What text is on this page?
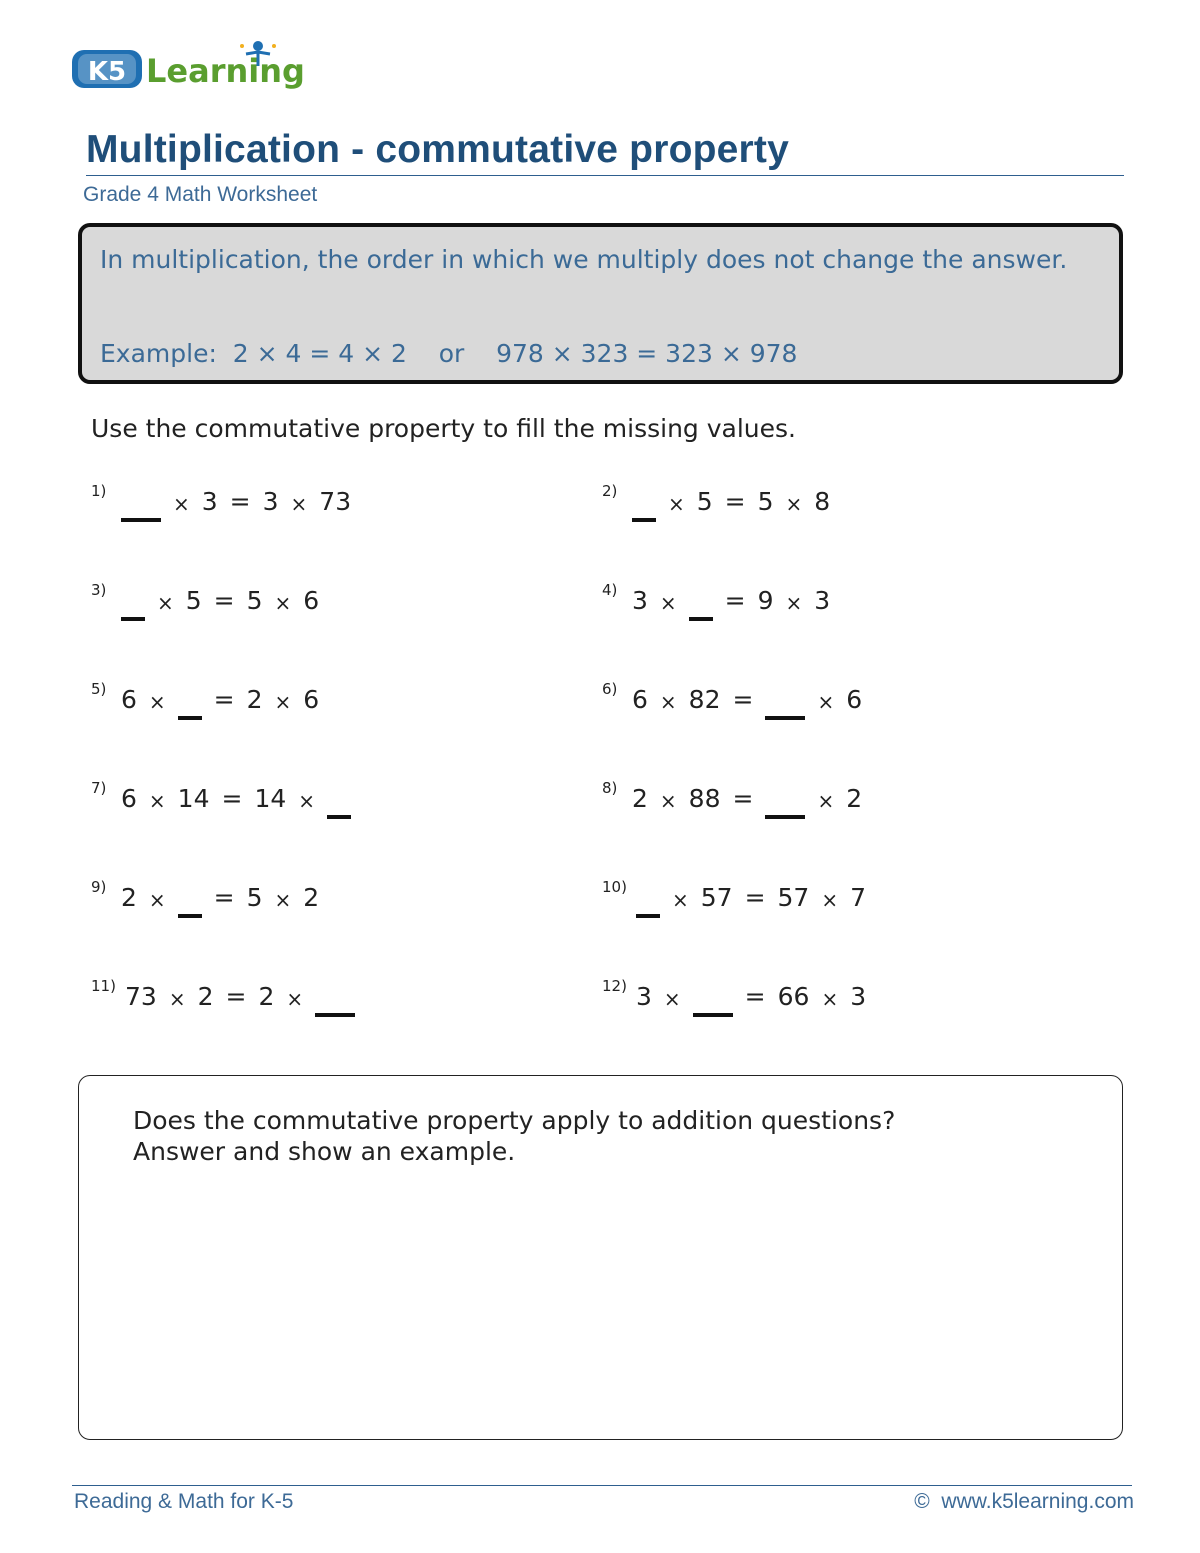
K5 Learning
Multiplication - commutative property
Grade 4 Math Worksheet

In multiplication, the order in which we multiply does not change the answer.

Example:  2 × 4 = 4 × 2    or    978 × 323 = 323 × 978
Use the commutative property to fill the missing values.
1)
× 3 = 3 × 73	2)
× 5 = 5 × 8
3)
× 5 = 5 × 6	4) 3 × = 9 × 3
5) 6 × = 2 × 6	6) 6 × 82 =	× 6
7) 6 × 14 = 14 ×
8) 2 × 88 =	× 2
9) 2 × = 5 × 2	10)
× 57 = 57 × 7
11) 73 × 2 = 2 ×
12) 3 ×	= 66 × 3

Does the commutative property apply to addition questions?
Answer and show an example.

Reading & Math for K-5	©  www.k5learning.com
